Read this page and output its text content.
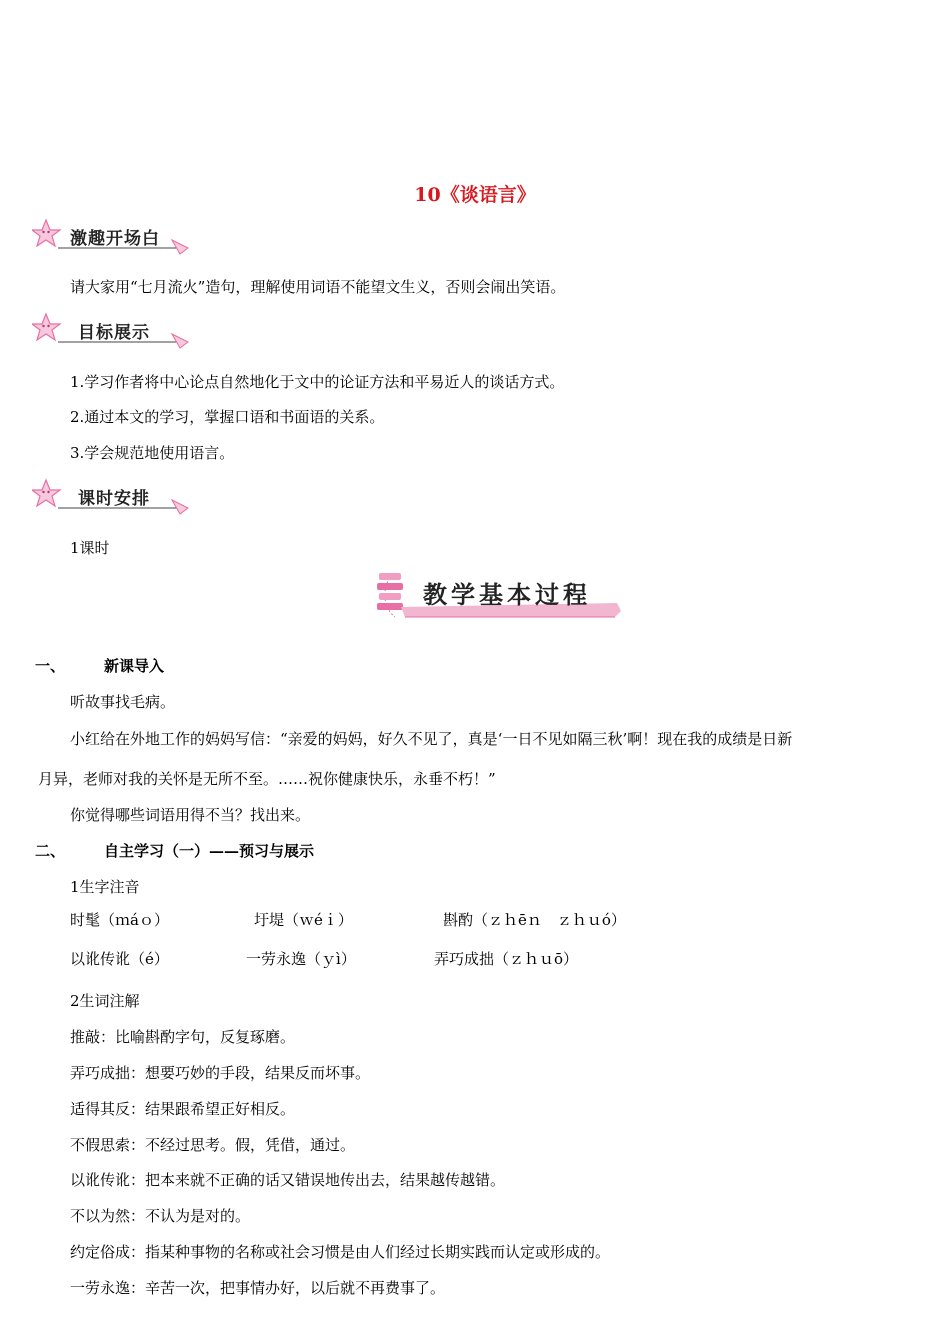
10《谈语言》
激趣开场白
请大家用“七月流火”造句，理解使用词语不能望文生义，否则会闹出笑语。
目标展示
1.学习作者将中心论点自然地化于文中的论证方法和平易近人的谈话方式。
2.通过本文的学习，掌握口语和书面语的关系。
3.学会规范地使用语言。
课时安排
1课时
教学基本过程
一、	新课导入
听故事找毛病。
小红给在外地工作的妈妈写信：“亲爱的妈妈，好久不见了，真是‘一日不见如隔三秋’啊！现在我的成绩是日新
月异，老师对我的关怀是无所不至。……祝你健康快乐，永垂不朽！”
你觉得哪些词语用得不当？找出来。
二、	自主学习（一）——预习与展示
1生字注音
时髦（ｍáｏ）	圩堤（ｗéｉ）	斟酌（ｚｈēｎ　ｚｈｕó）
以讹传讹（é）	一劳永逸（ｙì）	弄巧成拙（ｚｈｕō）
2生词注解
推敲：比喻斟酌字句，反复琢磨。
弄巧成拙：想要巧妙的手段，结果反而坏事。
适得其反：结果跟希望正好相反。
不假思索：不经过思考。假，凭借，通过。
以讹传讹：把本来就不正确的话又错误地传出去，结果越传越错。
不以为然：不认为是对的。
约定俗成：指某种事物的名称或社会习惯是由人们经过长期实践而认定或形成的。
一劳永逸：辛苦一次，把事情办好，以后就不再费事了。
